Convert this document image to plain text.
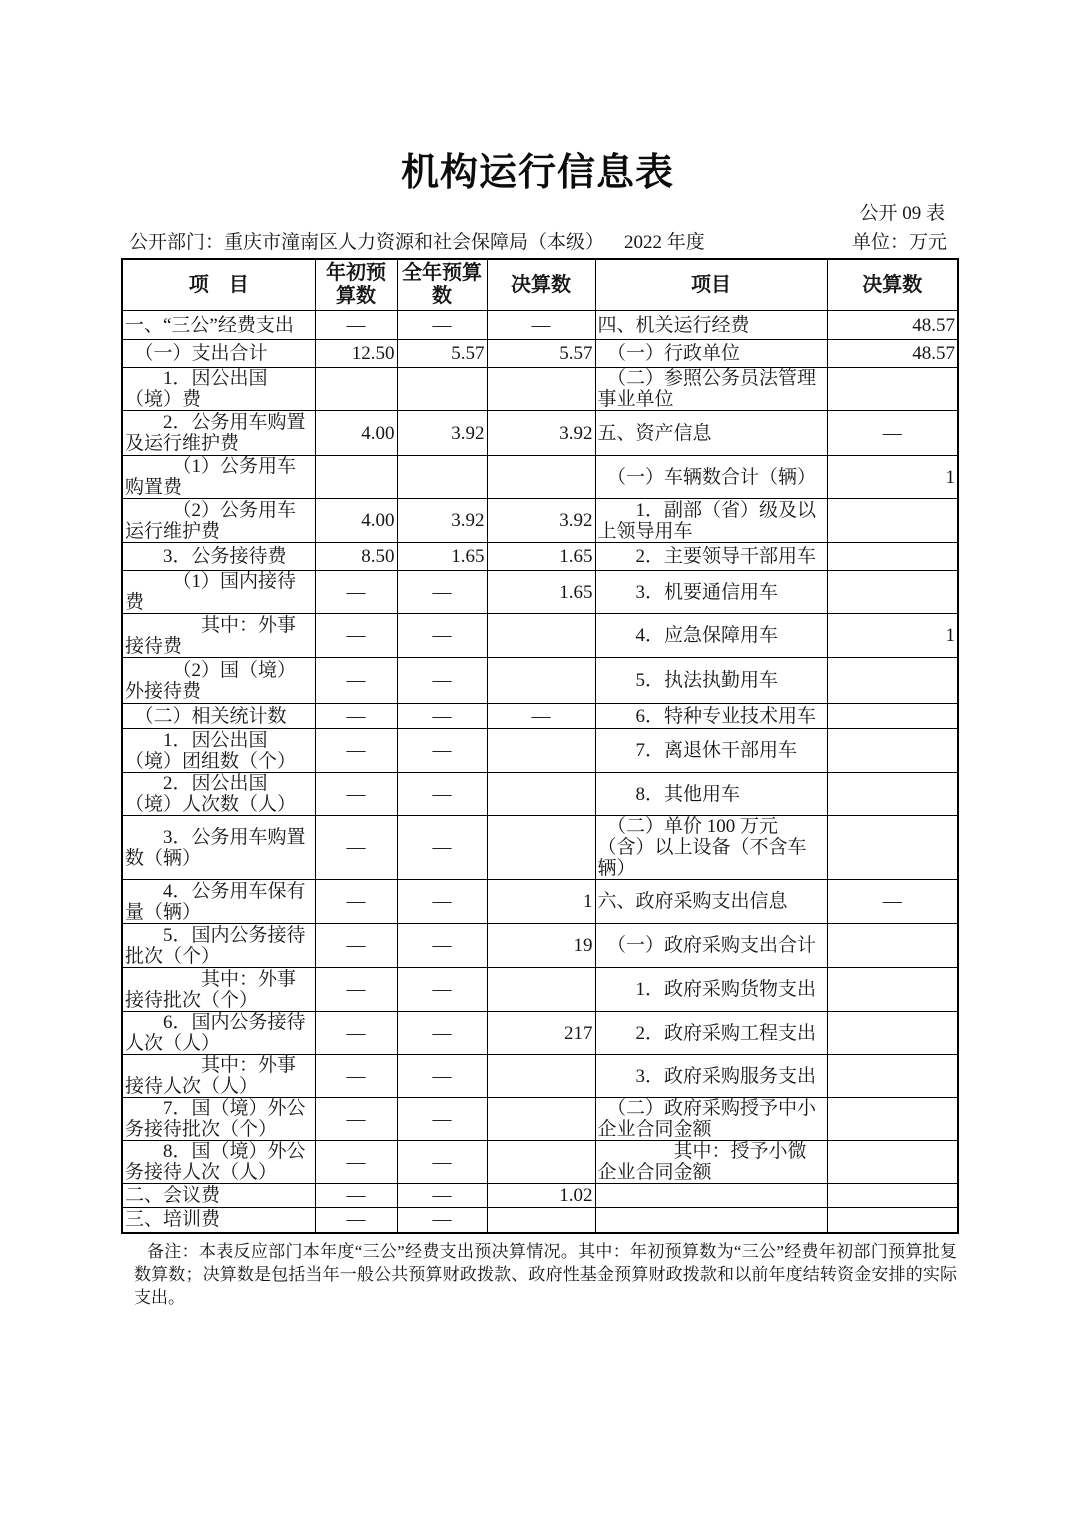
机构运行信息表
公开 09 表
公开部门：重庆市潼南区人力资源和社会保障局（本级） 2022 年度	单位：万元
项　目	年初预算数	全年预算数	决算数	项目	决算数
一、“三公”经费支出	—	—	—	四、机关运行经费	48.57
　（一）支出合计	12.50	5.57	5.57	　（一）行政单位	48.57
　　1．因公出国（境）费				　（二）参照公务员法管理事业单位	
　　2．公务用车购置及运行维护费	4.00	3.92	3.92	五、资产信息	—
　　　（1）公务用车购置费				　（一）车辆数合计（辆）	1
　　　（2）公务用车运行维护费	4.00	3.92	3.92	　　1．副部（省）级及以上领导用车	
　　3．公务接待费	8.50	1.65	1.65	　　2．主要领导干部用车	
　　　（1）国内接待费	—	—	1.65	　　3．机要通信用车	
　　　　其中：外事接待费	—	—		　　4．应急保障用车	1
　　　（2）国（境）外接待费	—	—		　　5．执法执勤用车	
　（二）相关统计数	—	—	—	　　6．特种专业技术用车	
　　1．因公出国（境）团组数（个）	—	—		　　7．离退休干部用车	
　　2．因公出国（境）人次数（人）	—	—		　　8．其他用车	
　　3．公务用车购置数（辆）	—	—		　（二）单价 100 万元（含）以上设备（不含车辆）	
　　4．公务用车保有量（辆）	—	—	1	六、政府采购支出信息	—
　　5．国内公务接待批次（个）	—	—	19	　（一）政府采购支出合计	
　　　　其中：外事接待批次（个）	—	—		　　1．政府采购货物支出	
　　6．国内公务接待人次（人）	—	—	217	　　2．政府采购工程支出	
　　　　其中：外事接待人次（人）	—	—		　　3．政府采购服务支出	
　　7．国（境）外公务接待批次（个）	—	—		　（二）政府采购授予中小企业合同金额	
　　8．国（境）外公务接待人次（人）	—	—		　　　　其中：授予小微企业合同金额	
二、会议费	—	—	1.02		
三、培训费	—	—			

备注：本表反应部门本年度“三公”经费支出预决算情况。其中：年初预算数为“三公”经费年初部门预算批复数算数；决算数是包括当年一般公共预算财政拨款、政府性基金预算财政拨款和以前年度结转资金安排的实际支出。
